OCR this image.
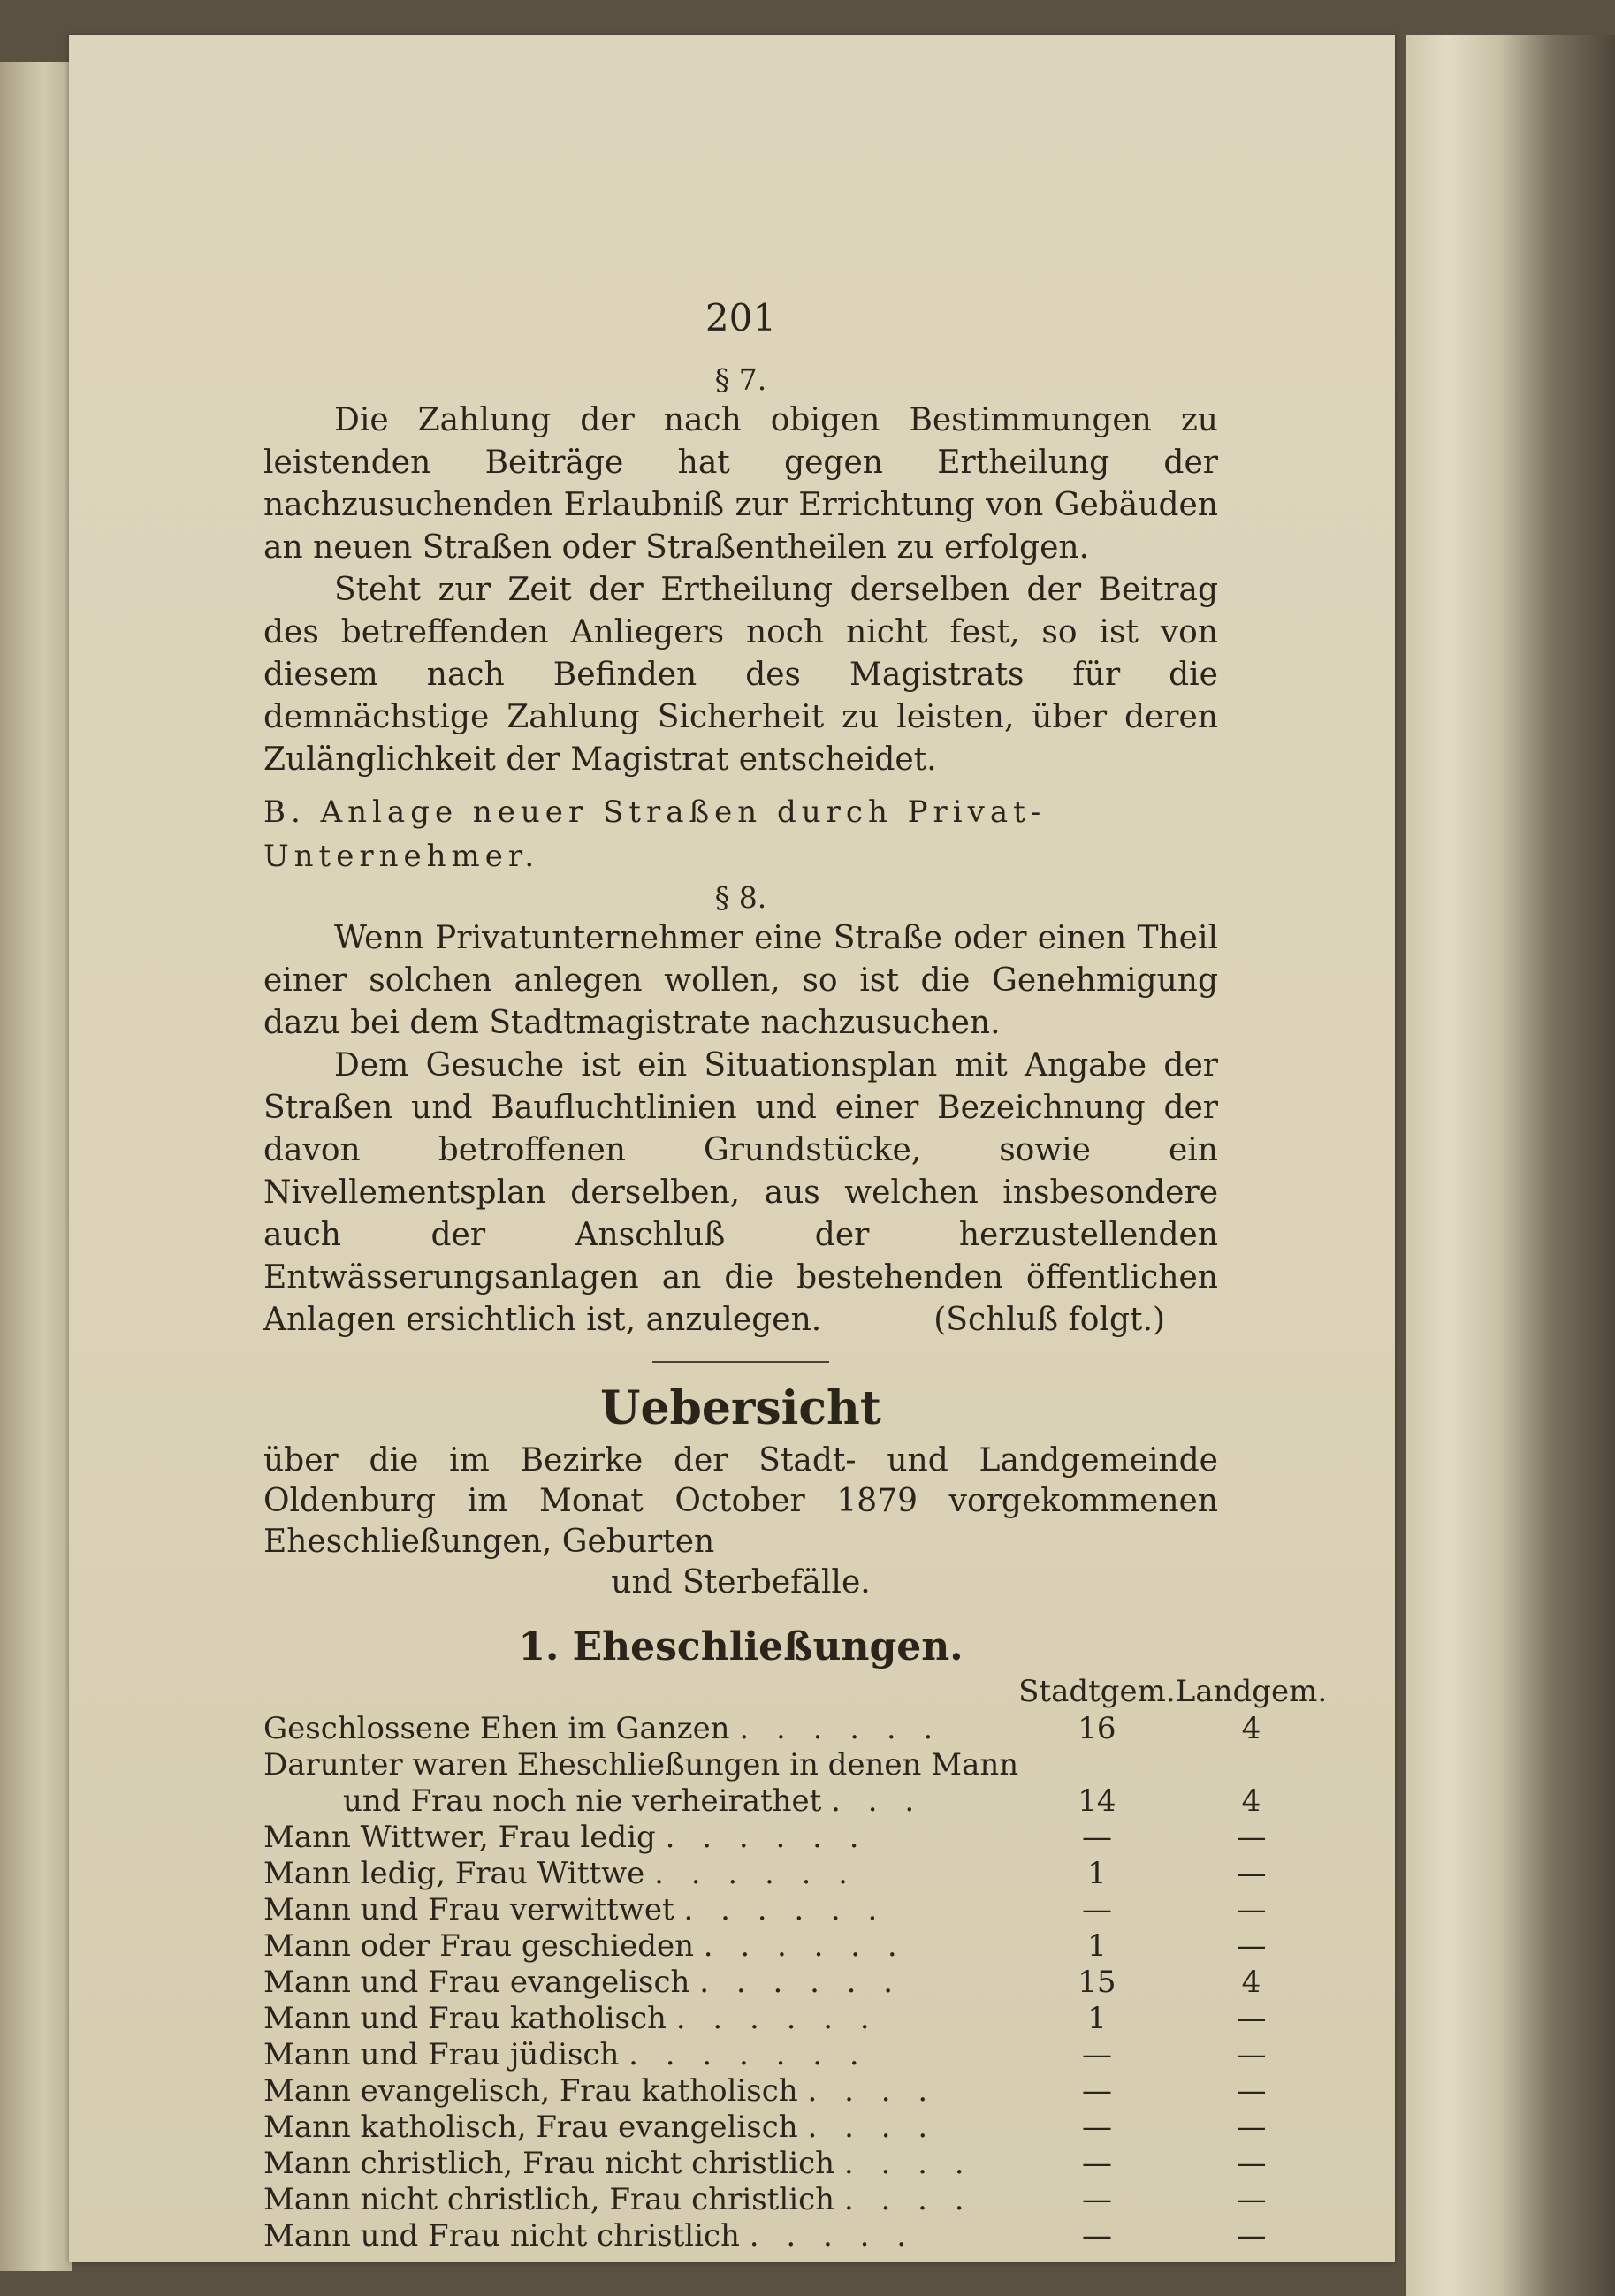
201

§ 7.

Die Zahlung der nach obigen Bestimmungen zu leistenden Beiträge hat gegen Ertheilung der nachzusuchenden Erlaubniß zur Errichtung von Gebäuden an neuen Straßen oder Straßentheilen zu erfolgen.

Steht zur Zeit der Ertheilung derselben der Beitrag des betreffenden Anliegers noch nicht fest, so ist von diesem nach Befinden des Magistrats für die demnächstige Zahlung Sicherheit zu leisten, über deren Zulänglichkeit der Magistrat entscheidet.

B. Anlage neuer Straßen durch Privat-Unternehmer.

§ 8.

Wenn Privatunternehmer eine Straße oder einen Theil einer solchen anlegen wollen, so ist die Genehmigung dazu bei dem Stadtmagistrate nachzusuchen.

Dem Gesuche ist ein Situationsplan mit Angabe der Straßen und Baufluchtlinien und einer Bezeichnung der davon betroffenen Grundstücke, sowie ein Nivellementsplan derselben, aus welchen insbesondere auch der Anschluß der herzustellenden Entwässerungsanlagen an die bestehenden öffentlichen Anlagen ersichtlich ist, anzulegen.	(Schluß folgt.)

Uebersicht

über die im Bezirke der Stadt- und Landgemeinde Oldenburg im Monat October 1879 vorgekommenen Eheschließungen, Geburten

und Sterbefälle.

1. Eheschließungen.

	Stadtgem.	Landgem.
Geschlossene Ehen im Ganzen . . . . . .	16	4
Darunter waren Eheschließungen in denen Mann		
und Frau noch nie verheirathet . . .	14	4
Mann Wittwer, Frau ledig . . . . . .	—	—
Mann ledig, Frau Wittwe . . . . . .	1	—
Mann und Frau verwittwet . . . . . .	—	—
Mann oder Frau geschieden . . . . . .	1	—
Mann und Frau evangelisch . . . . . .	15	4
Mann und Frau katholisch . . . . . .	1	—
Mann und Frau jüdisch . . . . . . .	—	—
Mann evangelisch, Frau katholisch . . . .	—	—
Mann katholisch, Frau evangelisch . . . .	—	—
Mann christlich, Frau nicht christlich . . . .	—	—
Mann nicht christlich, Frau christlich . . . .	—	—
Mann und Frau nicht christlich . . . . .	—	—
